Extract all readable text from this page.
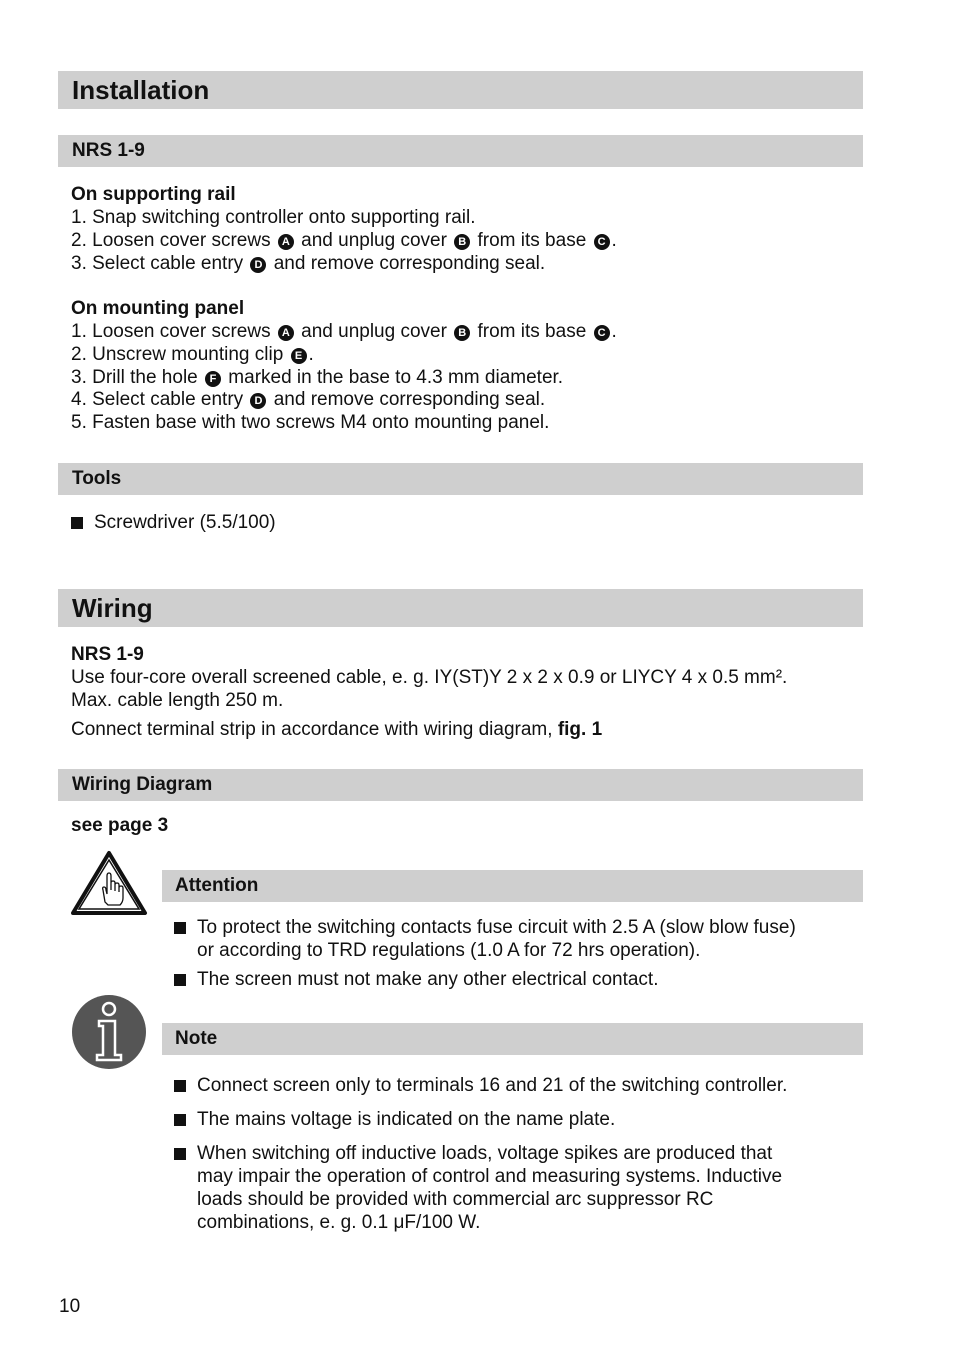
Installation
NRS 1-9
On supporting rail
1. Snap switching controller onto supporting rail.
2. Loosen cover screws A and unplug cover B from its base C .
3. Select cable entry D and remove corresponding seal.
On mounting panel
1. Loosen cover screws A and unplug cover B from its base C .
2. Unscrew mounting clip E .
3. Drill the hole F marked in the base to 4.3 mm diameter.
4. Select cable entry D and remove corresponding seal.
5. Fasten base with two screws M4 onto mounting panel.
Tools
Screwdriver (5.5/100)
Wiring
NRS 1-9
Use four-core overall screened cable, e. g. IY(ST)Y 2 x 2 x 0.9 or LIYCY 4 x 0.5 mm².
Max. cable length 250 m.
Connect terminal strip in accordance with wiring diagram, fig. 1
Wiring Diagram
see page 3
Attention
To protect the switching contacts fuse circuit with 2.5 A (slow blow fuse)
or according to TRD regulations (1.0 A for 72 hrs operation).
The screen must not make any other electrical contact.
Note
Connect screen only to terminals 16 and 21 of the switching controller.
The mains voltage is indicated on the name plate.
When switching off inductive loads, voltage spikes are produced that
may impair the operation of control and measuring systems. Inductive
loads should be provided with commercial arc suppressor RC
combinations, e. g. 0.1 μF/100 W.
10
